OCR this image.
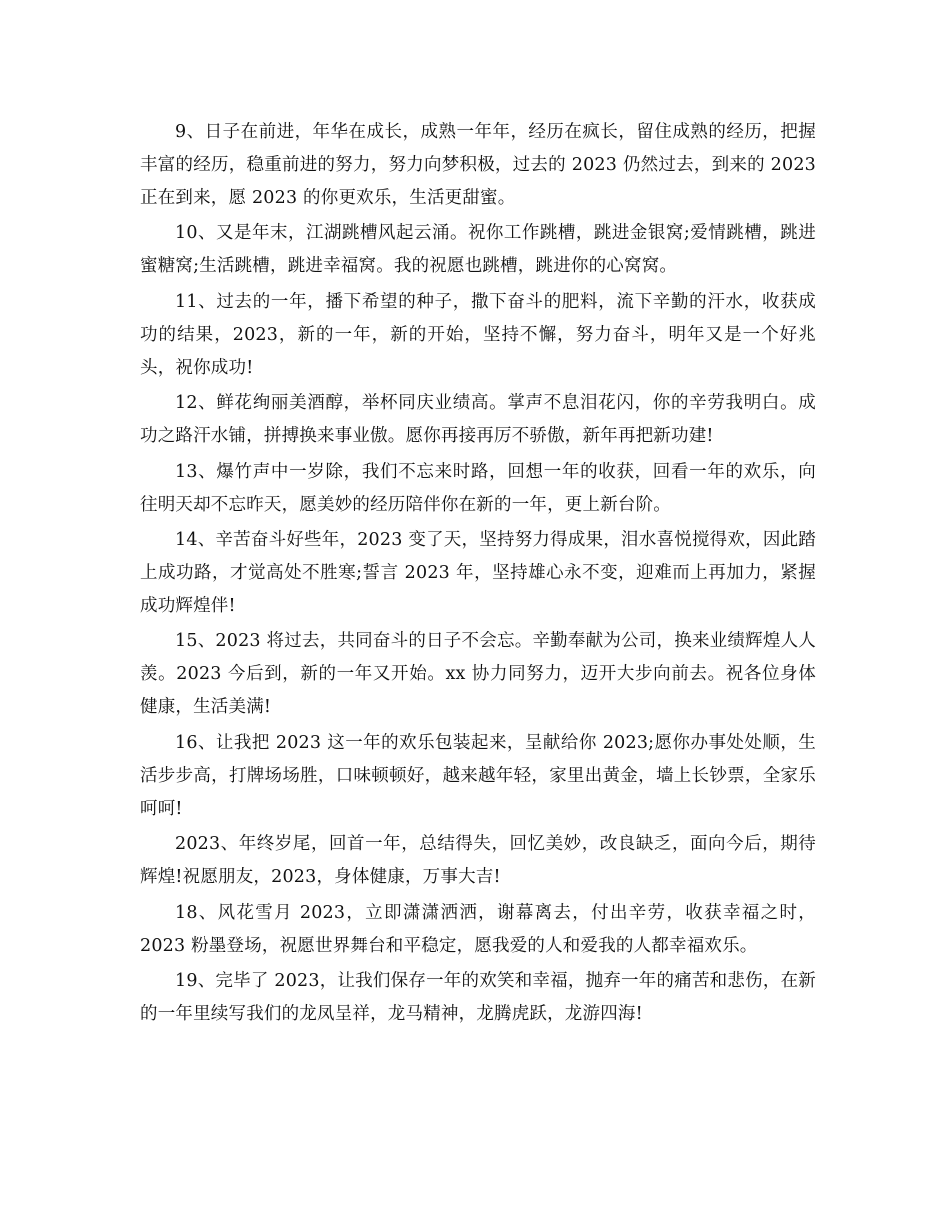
9、日子在前进，年华在成长，成熟一年年，经历在疯长，留住成熟的经历，把握丰富的经历，稳重前进的努力，努力向梦积极，过去的 2023 仍然过去，到来的 2023 正在到来，愿 2023 的你更欢乐，生活更甜蜜。

10、又是年末，江湖跳槽风起云涌。祝你工作跳槽，跳进金银窝;爱情跳槽，跳进蜜糖窝;生活跳槽，跳进幸福窝。我的祝愿也跳槽，跳进你的心窝窝。

11、过去的一年，播下希望的种子，撒下奋斗的肥料，流下辛勤的汗水，收获成功的结果，2023，新的一年，新的开始，坚持不懈，努力奋斗，明年又是一个好兆头，祝你成功!

12、鲜花绚丽美酒醇，举杯同庆业绩高。掌声不息泪花闪，你的辛劳我明白。成功之路汗水铺，拼搏换来事业傲。愿你再接再厉不骄傲，新年再把新功建!

13、爆竹声中一岁除，我们不忘来时路，回想一年的收获，回看一年的欢乐，向往明天却不忘昨天，愿美妙的经历陪伴你在新的一年，更上新台阶。

14、辛苦奋斗好些年，2023 变了天，坚持努力得成果，泪水喜悦搅得欢，因此踏上成功路，才觉高处不胜寒;誓言 2023 年，坚持雄心永不变，迎难而上再加力，紧握成功辉煌伴!

15、2023 将过去，共同奋斗的日子不会忘。辛勤奉献为公司，换来业绩辉煌人人羡。2023 今后到，新的一年又开始。xx 协力同努力，迈开大步向前去。祝各位身体健康，生活美满!

16、让我把 2023 这一年的欢乐包装起来，呈献给你 2023;愿你办事处处顺，生活步步高，打牌场场胜，口味顿顿好，越来越年轻，家里出黄金，墙上长钞票，全家乐呵呵!

2023、年终岁尾，回首一年，总结得失，回忆美妙，改良缺乏，面向今后，期待辉煌!祝愿朋友，2023，身体健康，万事大吉!

18、风花雪月 2023，立即潇潇洒洒，谢幕离去，付出辛劳，收获幸福之时，2023 粉墨登场，祝愿世界舞台和平稳定，愿我爱的人和爱我的人都幸福欢乐。

19、完毕了 2023，让我们保存一年的欢笑和幸福，抛弃一年的痛苦和悲伤，在新的一年里续写我们的龙凤呈祥，龙马精神，龙腾虎跃，龙游四海!
